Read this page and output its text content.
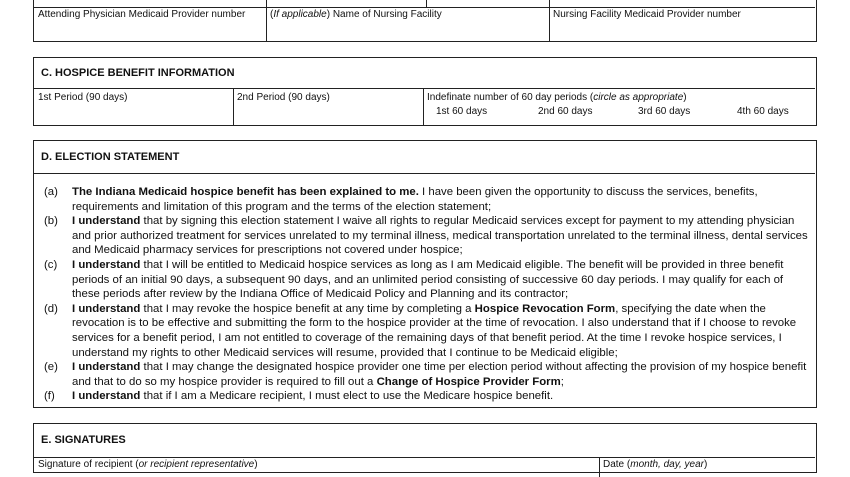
Attending Physician Medicaid Provider number	(If applicable) Name of Nursing Facility	Nursing Facility Medicaid Provider number
C. HOSPICE BENEFIT INFORMATION
1st Period (90 days)	2nd Period (90 days)	Indefinate number of 60 day periods (circle as appropriate)
1st 60 days	2nd 60 days	3rd 60 days	4th 60 days
D. ELECTION STATEMENT
(a)	The Indiana Medicaid hospice benefit has been explained to me. I have been given the opportunity to discuss the services, benefits, requirements and limitation of this program and the terms of the election statement;
(b)	I understand that by signing this election statement I waive all rights to regular Medicaid services except for payment to my attending physician and prior authorized treatment for services unrelated to my terminal illness, medical transportation unrelated to the terminal illness, dental services and Medicaid pharmacy services for prescriptions not covered under hospice;
(c)	I understand that I will be entitled to Medicaid hospice services as long as I am Medicaid eligible. The benefit will be provided in three benefit periods of an initial 90 days, a subsequent 90 days, and an unlimited period consisting of successive 60 day periods. I may qualify for each of these periods after review by the Indiana Office of Medicaid Policy and Planning and its contractor;
(d)	I understand that I may revoke the hospice benefit at any time by completing a Hospice Revocation Form, specifying the date when the revocation is to be effective and submitting the form to the hospice provider at the time of revocation. I also understand that if I choose to revoke services for a benefit period, I am not entitled to coverage of the remaining days of that benefit period. At the time I revoke hospice services, I understand my rights to other Medicaid services will resume, provided that I continue to be Medicaid eligible;
(e)	I understand that I may change the designated hospice provider one time per election period without affecting the provision of my hospice benefit and that to do so my hospice provider is required to fill out a Change of Hospice Provider Form;
(f)	I understand that if I am a Medicare recipient, I must elect to use the Medicare hospice benefit.
E. SIGNATURES
Signature of recipient (or recipient representative)	Date (month, day, year)
